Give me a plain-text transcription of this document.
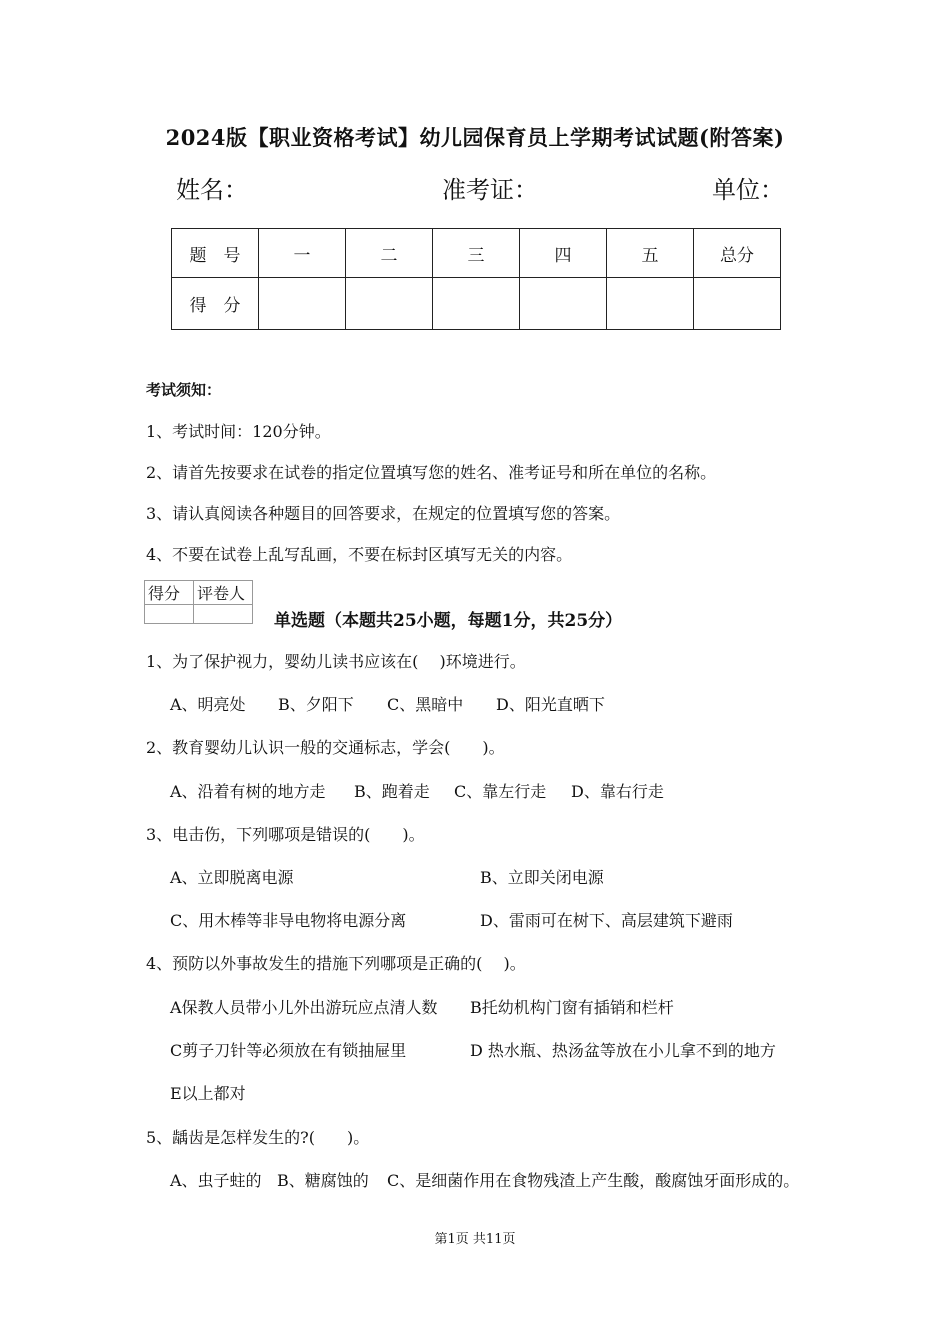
2024版【职业资格考试】幼儿园保育员上学期考试试题(附答案)
姓名：	准考证：	单位：
题　号	一	二	三	四	五	总分
得　分						
考试须知：
1、考试时间：120分钟。
2、请首先按要求在试卷的指定位置填写您的姓名、准考证号和所在单位的名称。
3、请认真阅读各种题目的回答要求，在规定的位置填写您的答案。
4、不要在试卷上乱写乱画，不要在标封区填写无关的内容。
得分	评卷人

单选题（本题共25小题，每题1分，共25分）
1、为了保护视力，婴幼儿读书应该在(　 )环境进行。
A、明亮处 B、夕阳下 C、黑暗中 D、阳光直晒下
2、教育婴幼儿认识一般的交通标志，学会(　　)。
A、沿着有树的地方走 B、跑着走 C、靠左行走 D、靠右行走
3、电击伤，下列哪项是错误的(　　)。
A、立即脱离电源	B、立即关闭电源
C、用木棒等非导电物将电源分离	D、雷雨可在树下、高层建筑下避雨
4、预防以外事故发生的措施下列哪项是正确的(　 )。
A保教人员带小儿外出游玩应点清人数 B托幼机构门窗有插销和栏杆
C剪子刀针等必须放在有锁抽屉里	D 热水瓶、热汤盆等放在小儿拿不到的地方
E以上都对
5、龋齿是怎样发生的?(　　)。
A、虫子蛀的 B、糖腐蚀的 C、是细菌作用在食物残渣上产生酸，酸腐蚀牙面形成的。
第1页 共11页
